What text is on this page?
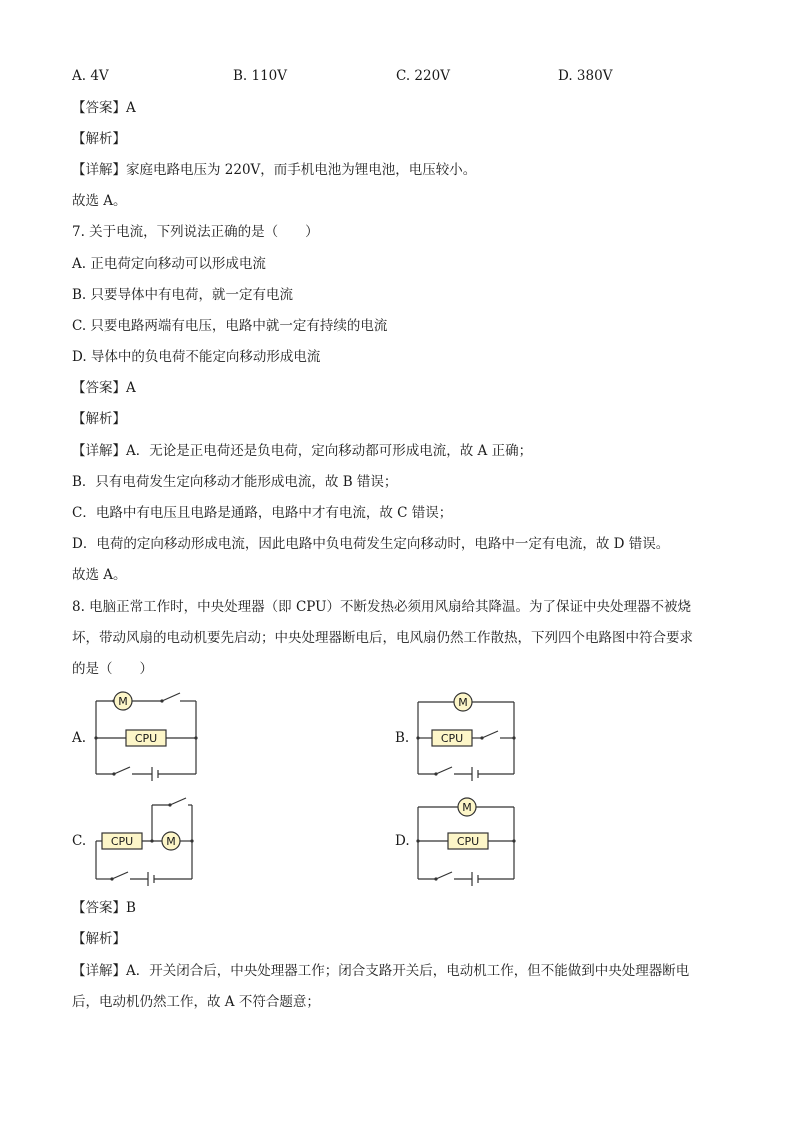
A. 4V	B. 110V	C. 220V	D. 380V
【答案】A
【解析】
【详解】家庭电路电压为 220V，而手机电池为锂电池，电压较小。
故选 A。
7. 关于电流，下列说法正确的是（　　）
A. 正电荷定向移动可以形成电流
B. 只要导体中有电荷，就一定有电流
C. 只要电路两端有电压，电路中就一定有持续的电流
D. 导体中的负电荷不能定向移动形成电流
【答案】A
【解析】
【详解】A．无论是正电荷还是负电荷，定向移动都可形成电流，故 A 正确；
B．只有电荷发生定向移动才能形成电流，故 B 错误；
C．电路中有电压且电路是通路，电路中才有电流，故 C 错误；
D．电荷的定向移动形成电流，因此电路中负电荷发生定向移动时，电路中一定有电流，故 D 错误。
故选 A。
8. 电脑正常工作时，中央处理器（即 CPU）不断发热必须用风扇给其降温。为了保证中央处理器不被烧
坏，带动风扇的电动机要先启动；中央处理器断电后，电风扇仍然工作散热，下列四个电路图中符合要求
的是（　　）
A.
M
CPU	B.
M
CPU
C. CPU	M	D.
M
CPU
【答案】B
【解析】
【详解】A．开关闭合后，中央处理器工作；闭合支路开关后，电动机工作，但不能做到中央处理器断电
后，电动机仍然工作，故 A 不符合题意；
